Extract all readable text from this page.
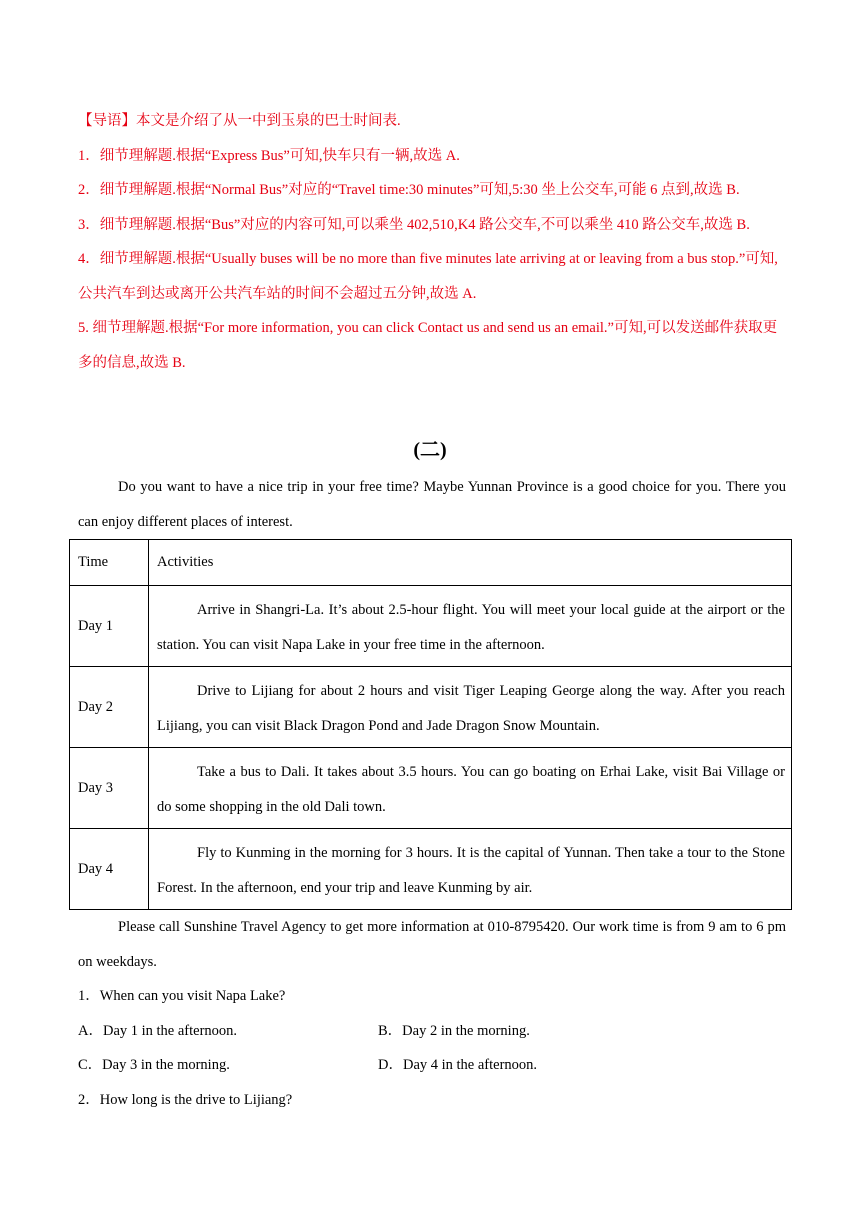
【导语】本文是介绍了从一中到玉泉的巴士时间表.

1．细节理解题.根据“Express Bus”可知,快车只有一辆,故选 A.

2．细节理解题.根据“Normal Bus”对应的“Travel time:30 minutes”可知,5:30 坐上公交车,可能 6 点到,故选 B.

3．细节理解题.根据“Bus”对应的内容可知,可以乘坐 402,510,K4 路公交车,不可以乘坐 410 路公交车,故选 B.

4．细节理解题.根据“Usually buses will be no more than five minutes late arriving at or leaving from a bus stop.”可知,公共汽车到达或离开公共汽车站的时间不会超过五分钟,故选 A.

5. 细节理解题.根据“For more information, you can click Contact us and send us an email.”可知,可以发送邮件获取更多的信息,故选 B.

(二)

Do you want to have a nice trip in your free time? Maybe Yunnan Province is a good choice for you. There you can enjoy different places of interest.

Time	Activities
Day 1	Arrive in Shangri-La. It’s about 2.5-hour flight. You will meet your local guide at the airport or the station. You can visit Napa Lake in your free time in the afternoon.

Day 2	Drive to Lijiang for about 2 hours and visit Tiger Leaping George along the way. After you reach Lijiang, you can visit Black Dragon Pond and Jade Dragon Snow Mountain.

Day 3	Take a bus to Dali. It takes about 3.5 hours. You can go boating on Erhai Lake, visit Bai Village or do some shopping in the old Dali town.

Day 4	Fly to Kunming in the morning for 3 hours. It is the capital of Yunnan. Then take a tour to the Stone Forest. In the afternoon, end your trip and leave Kunming by air.

Please call Sunshine Travel Agency to get more information at 010-8795420. Our work time is from 9 am to 6 pm on weekdays.

1．When can you visit Napa Lake?
A．Day 1 in the afternoon.	B．Day 2 in the morning.
C．Day 3 in the morning.	D．Day 4 in the afternoon.
2．How long is the drive to Lijiang?
